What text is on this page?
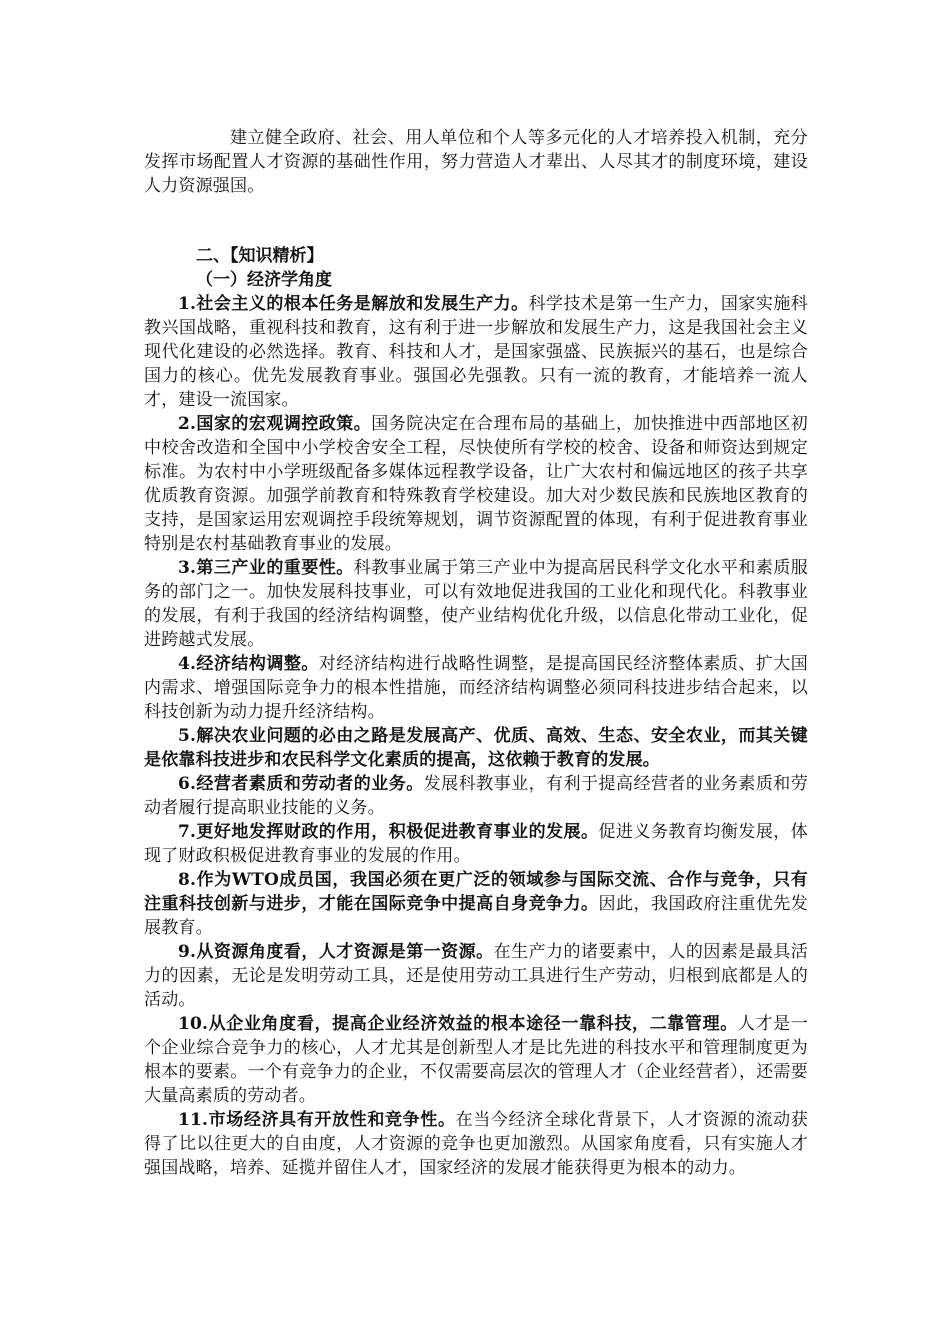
建立健全政府、社会、用人单位和个人等多元化的人才培养投入机制，充分发挥市场配置人才资源的基础性作用，努力营造人才辈出、人尽其才的制度环境，建设人力资源强国。

二、【知识精析】

（一）经济学角度

1.社会主义的根本任务是解放和发展生产力。科学技术是第一生产力，国家实施科教兴国战略，重视科技和教育，这有利于进一步解放和发展生产力，这是我国社会主义现代化建设的必然选择。教育、科技和人才，是国家强盛、民族振兴的基石，也是综合国力的核心。优先发展教育事业。强国必先强教。只有一流的教育，才能培养一流人才，建设一流国家。

2.国家的宏观调控政策。国务院决定在合理布局的基础上，加快推进中西部地区初中校舍改造和全国中小学校舍安全工程，尽快使所有学校的校舍、设备和师资达到规定标准。为农村中小学班级配备多媒体远程教学设备，让广大农村和偏远地区的孩子共享优质教育资源。加强学前教育和特殊教育学校建设。加大对少数民族和民族地区教育的支持，是国家运用宏观调控手段统筹规划，调节资源配置的体现，有利于促进教育事业特别是农村基础教育事业的发展。

3.第三产业的重要性。科教事业属于第三产业中为提高居民科学文化水平和素质服务的部门之一。加快发展科技事业，可以有效地促进我国的工业化和现代化。科教事业的发展，有利于我国的经济结构调整，使产业结构优化升级，以信息化带动工业化，促进跨越式发展。

4.经济结构调整。对经济结构进行战略性调整，是提高国民经济整体素质、扩大国内需求、增强国际竞争力的根本性措施，而经济结构调整必须同科技进步结合起来，以科技创新为动力提升经济结构。

5.解决农业问题的必由之路是发展高产、优质、高效、生态、安全农业，而其关键是依靠科技进步和农民科学文化素质的提高，这依赖于教育的发展。

6.经营者素质和劳动者的业务。发展科教事业，有利于提高经营者的业务素质和劳动者履行提高职业技能的义务。

7.更好地发挥财政的作用，积极促进教育事业的发展。促进义务教育均衡发展，体现了财政积极促进教育事业的发展的作用。

8.作为WTO成员国，我国必须在更广泛的领域参与国际交流、合作与竞争，只有注重科技创新与进步，才能在国际竞争中提高自身竞争力。因此，我国政府注重优先发展教育。

9.从资源角度看，人才资源是第一资源。在生产力的诸要素中，人的因素是最具活力的因素，无论是发明劳动工具，还是使用劳动工具进行生产劳动，归根到底都是人的活动。

10.从企业角度看，提高企业经济效益的根本途径一靠科技，二靠管理。人才是一个企业综合竞争力的核心，人才尤其是创新型人才是比先进的科技水平和管理制度更为根本的要素。一个有竞争力的企业，不仅需要高层次的管理人才（企业经营者），还需要大量高素质的劳动者。

11.市场经济具有开放性和竞争性。在当今经济全球化背景下，人才资源的流动获得了比以往更大的自由度，人才资源的竞争也更加激烈。从国家角度看，只有实施人才强国战略，培养、延揽并留住人才，国家经济的发展才能获得更为根本的动力。
